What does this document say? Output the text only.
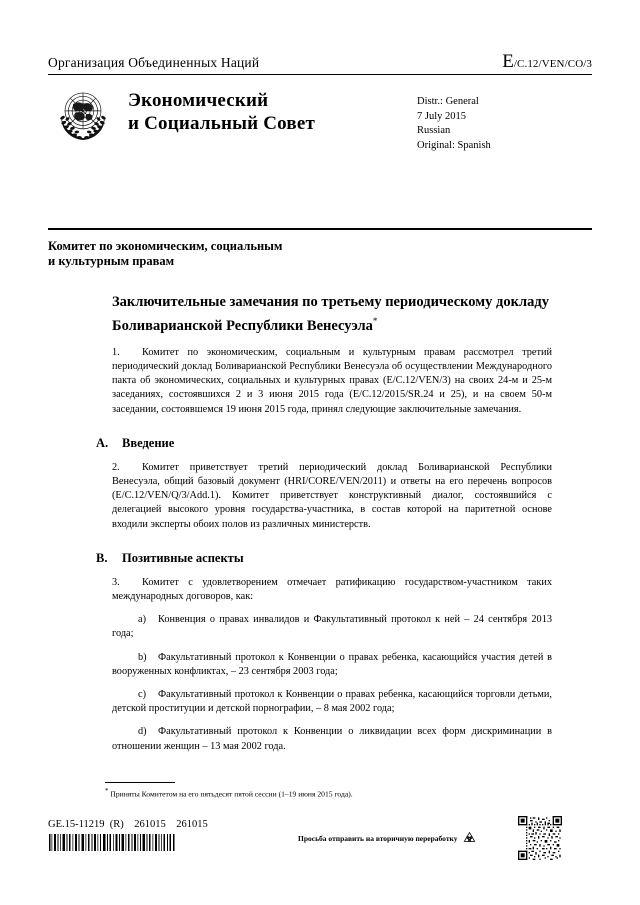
Организация Объединенных Наций	E/C.12/VEN/CO/3
Экономический
и Социальный Совет
Distr.: General
7 July 2015
Russian
Original: Spanish
Комитет по экономическим, социальным
и культурным правам
Заключительные замечания по третьему периодическому докладу Боливарианской Республики Венесуэла*

1. Комитет по экономическим, социальным и культурным правам рассмотрел третий периодический доклад Боливарианской Республики Венесуэла об осуществлении Международного пакта об экономических, социальных и культурных правах (E/C.12/VEN/3) на своих 24-м и 25-м заседаниях, состоявшихся 2 и 3 июня 2015 года (E/C.12/2015/SR.24 и 25), и на своем 50-м заседании, состоявшемся 19 июня 2015 года, принял следующие заключительные замечания.

A.	Введение

2. Комитет приветствует третий периодический доклад Боливарианской Республики Венесуэла, общий базовый документ (HRI/CORE/VEN/2011) и ответы на его перечень вопросов (E/C.12/VEN/Q/3/Add.1). Комитет приветствует конструктивный диалог, состоявшийся с делегацией высокого уровня государства-участника, в состав которой на паритетной основе входили эксперты обоих полов из различных министерств.

B.	Позитивные аспекты

3. Комитет с удовлетворением отмечает ратификацию государством-участником таких международных договоров, как:

a) Конвенция о правах инвалидов и Факультативный протокол к ней – 24 сентября 2013 года;

b) Факультативный протокол к Конвенции о правах ребенка, касающийся участия детей в вооруженных конфликтах, – 23 сентября 2003 года;

c) Факультативный протокол к Конвенции о правах ребенка, касающийся торговли детьми, детской проституции и детской порнографии, – 8 мая 2002 года;

d) Факультативный протокол к Конвенции о ликвидации всех форм дискриминации в отношении женщин – 13 мая 2002 года.

* Приняты Комитетом на его пятьдесят пятой сессии (1–19 июня 2015 года).
GE.15-11219  (R)    261015    261015
Просьба отправить на вторичную переработку
